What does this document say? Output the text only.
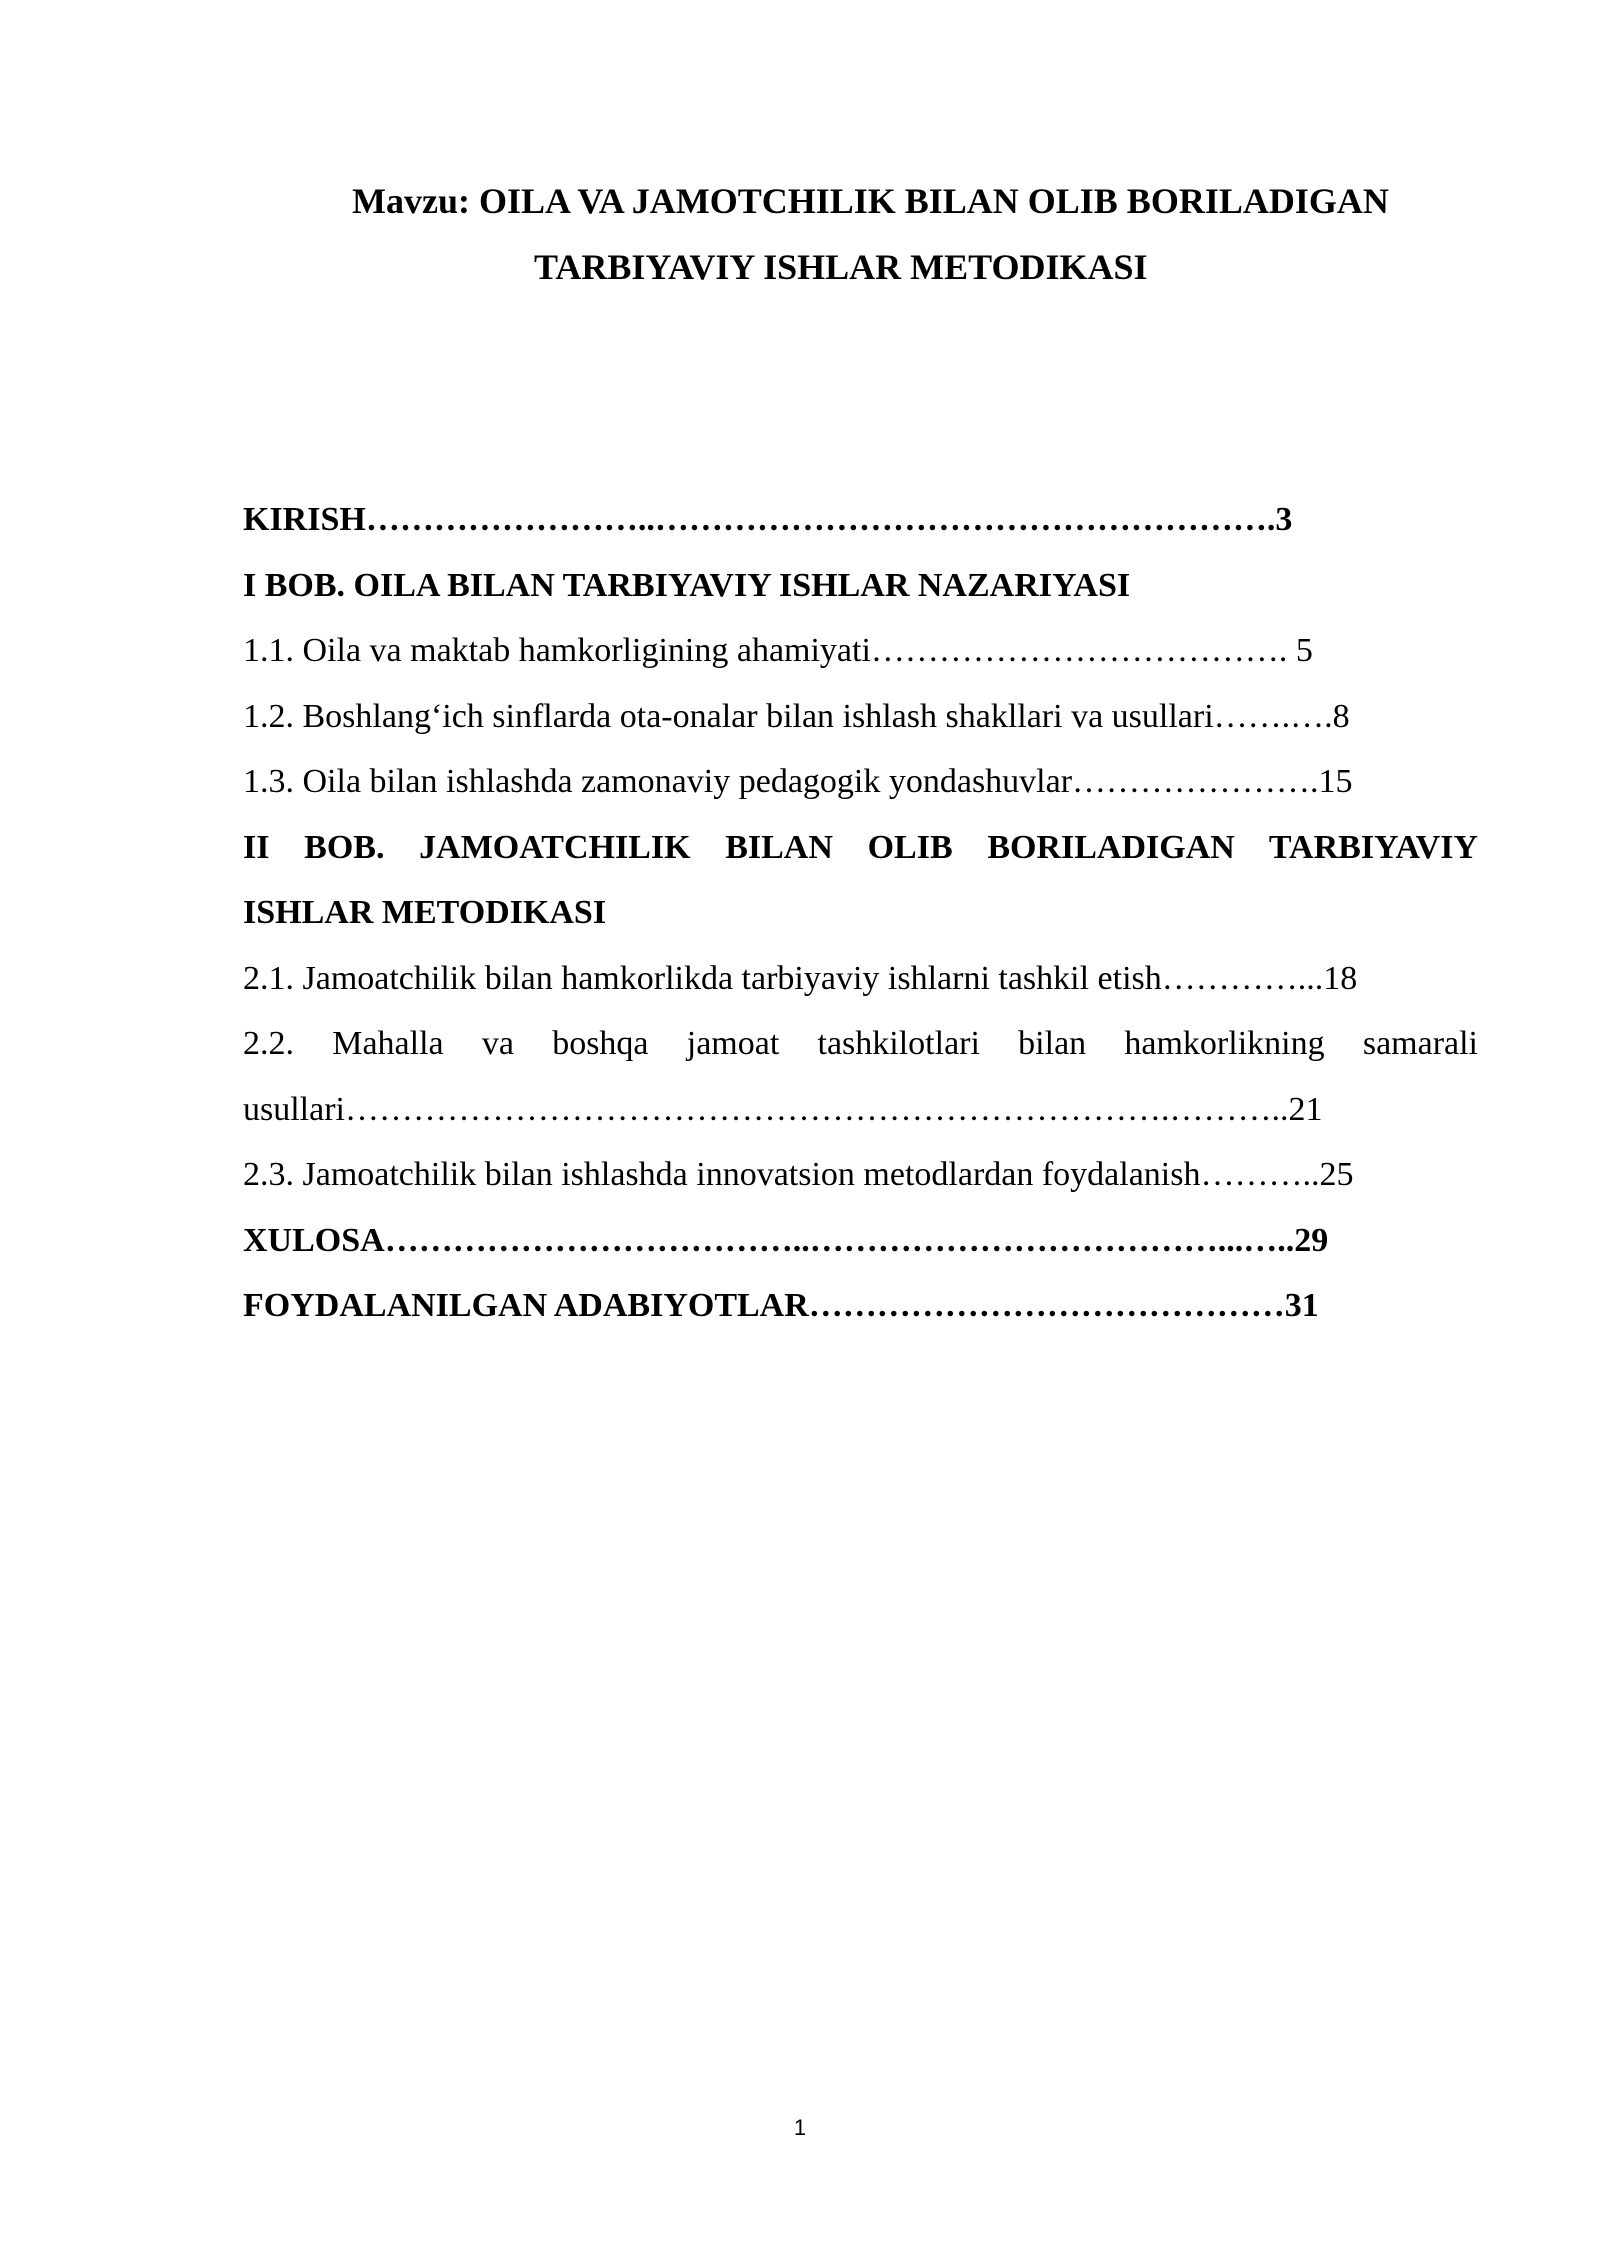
Mavzu: OILA VA JAMOTCHILIK BILAN OLIB BORILADIGAN
TARBIYAVIY ISHLAR METODIKASI
KIRISH……………………..……………………………………………….3
I BOB. OILA BILAN TARBIYAVIY ISHLAR NAZARIYASI
1.1. Oila va maktab hamkorligining ahamiyati………………………………. 5
1.2. Boshlang‘ich sinflarda ota-onalar bilan ishlash shakllari va usullari…….….8
1.3. Oila bilan ishlashda zamonaviy pedagogik yondashuvlar………………….15
II BOB. JAMOATCHILIK BILAN OLIB BORILADIGAN TARBIYAVIY
ISHLAR METODIKASI
2.1. Jamoatchilik bilan hamkorlikda tarbiyaviy ishlarni tashkil etish…………...18
2.2. Mahalla va boshqa jamoat tashkilotlari bilan hamkorlikning samarali
usullari……………………………………………………………….………..21
2.3. Jamoatchilik bilan ishlashda innovatsion metodlardan foydalanish………..25
XULOSA………………………………..………………………………...…..29
FOYDALANILGAN ADABIYOTLAR……………………………………31
1
